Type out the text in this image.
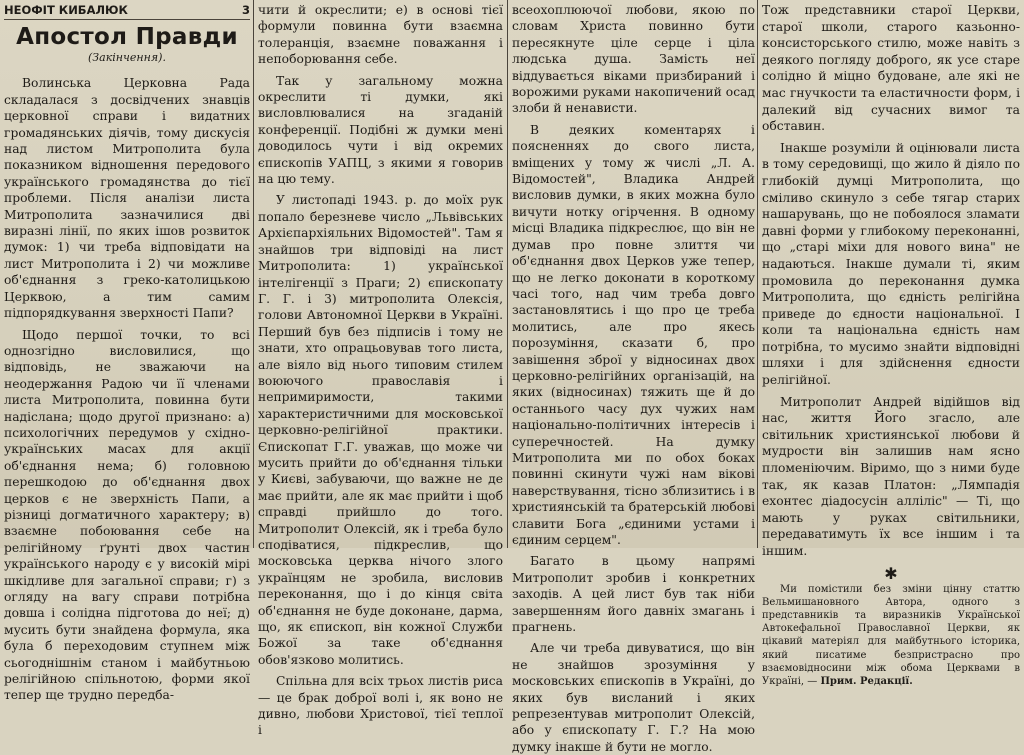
НЕОФІТ КИБАЛЮК	3
Апостол Правди
(Закінчення).

Волинська Церковна Рада складалася з досвідчених знавців церковної справи і видатних громадянських діячів, тому дискусія над листом Митрополита була показником відношення передового українського громадянства до тієї проблеми. Після аналізи листа Митрополита зазначилися дві виразні лінії, по яких ішов розвиток думок: 1) чи треба відповідати на лист Митрополита і 2) чи можливе об'єднання з греко-католицькою Церквою, а тим самим підпорядкування зверхності Папи?

Щодо першої точки, то всі однозгідно висловилися, що відповідь, не зважаючи на неодержання Радою чи її членами листа Митрополита, повинна бути надіслана; щодо другої признано: а) психологічних передумов у східно-українських масах для акції об'єднання нема; б) головною перешкодою до об'єднання двох церков є не зверхність Папи, а різниці догматичного характеру; в) взаємне побоювання себе на релігійному ґрунті двох частин українського народу є у високій мірі шкідливе для загальної справи; г) з огляду на вагу справи потрібна довша і солідна підготова до неї; д) мусить бути знайдена формула, яка була б переходовим ступнем між сьогоднішнім станом і майбутньою релігійною спільнотою, форми якої тепер ще трудно передба-

чити й окреслити; е) в основі тієї формули повинна бути взаємна толеранція, взаємне поважання і непоборювання себе.

Так у загальному можна окреслити ті думки, які висловлювалися на згаданій конференції. Подібні ж думки мені доводилось чути і від окремих єпископів УАПЦ, з якими я говорив на цю тему.

У листопаді 1943. р. до моїх рук попало березневе число „Львівських Архієпархіяльних Відомостей". Там я знайшов три відповіді на лист Митрополита: 1) української інтелігенції з Праги; 2) єпископату Г. Г. і 3) митрополита Олексія, голови Автономної Церкви в Україні. Перший був без підписів і тому не знати, хто опрацьовував того листа, але віяло від нього типовим стилем воюючого православія і непримиримости, такими характеристичними для московської церковно-релігійної практики. Єпископат Г.Г. уважав, що може чи мусить прийти до об'єднання тільки у Києві, забуваючи, що важне не де має прийти, але як має прийти і щоб справді прийшло до того. Митрополит Олексій, як і треба було сподіватися, підкреслив, що московська церква нічого злого українцям не зробила, висловив переконання, що і до кінця світа об'єднання не буде доконане, дарма, що, як єпископ, він кожної Служби Божої за таке об'єднання обов'язково молитись.

Спільна для всіх трьох листів риса — це брак доброї волі і, як воно не дивно, любови Христової, тієї теплої і

всеохоплюючої любови, якою по словам Христа повинно бути пересякнуте ціле серце і ціла людська душа. Замість неї віддувається віками призбираний і ворожими руками накопичений осад злоби й ненависти.

В деяких коментарях і поясненнях до свого листа, вміщених у тому ж числі „Л. А. Відомостей", Владика Андрей висловив думки, в яких можна було вичути нотку огірчення. В одному місці Владика підкреслює, що він не думав про повне злиття чи об'єднання двох Церков уже тепер, що не легко доконати в короткому часі того, над чим треба довго застановлятись і що про це треба молитись, але про якесь порозуміння, сказати б, про завішення зброї у відносинах двох церковно-релігійних організацій, на яких (відносинах) тяжить ще й до останнього часу дух чужих нам національно-політичних інтересів і суперечностей. На думку Митрополита ми по обох боках повинні скинути чужі нам вікові наверствування, тісно зблизитись і в християнській та братерській любові славити Бога „єдиними устами і єдиним серцем".

Багато в цьому напрямі Митрополит зробив і конкретних заходів. А цей лист був так ніби завершенням його давніх змагань і прагнень.

Але чи треба дивуватися, що він не знайшов зрозуміння у московських єпископів в Україні, до яких був висланий і яких репрезентував митрополит Олексій, або у єпископату Г. Г.? На мою думку інакше й бути не могло.

Тож представники старої Церкви, старої школи, старого казьонно-консисторського стилю, може навіть з деякого погляду доброго, як усе старе солідно й міцно будоване, але які не мас гнучкости та еластичности форм, і далекий від сучасних вимог та обставин.

Інакше розуміли й оцінювали листа в тому середовищі, що жило й діяло по глибокій думці Митрополита, що сміливо скинуло з себе тягар старих нашарувань, що не побоялося зламати давні форми у глибокому переконанні, що „старі міхи для нового вина" не надаються. Інакше думали ті, яким промовила до переконання думка Митрополита, що єдність релігійна приведе до єдности національної. І коли та національна єдність нам потрібна, то мусимо знайти відповідні шляхи і для здійснення єдности релігійної.

Митрополит Андрей відійшов від нас, життя Його згасло, але світильник християнської любови й мудрости він залишив нам ясно пломеніючим. Віримо, що з ними буде так, як казав Платон: „Лямпадія ехонтес діадосусін алліліс" — Ті, що мають у руках світильники, передаватимуть їх все іншим і та іншим.

✱
Ми помістили без зміни цінну статтю Вельмишановного Автора, одного з представників та виразників Української Автокефальної Православної Церкви, як цікавий матеріял для майбутнього історика, який писатиме безпристрасно про взаємовідносини між обома Церквами в Україні, — Прим. Редакції.
